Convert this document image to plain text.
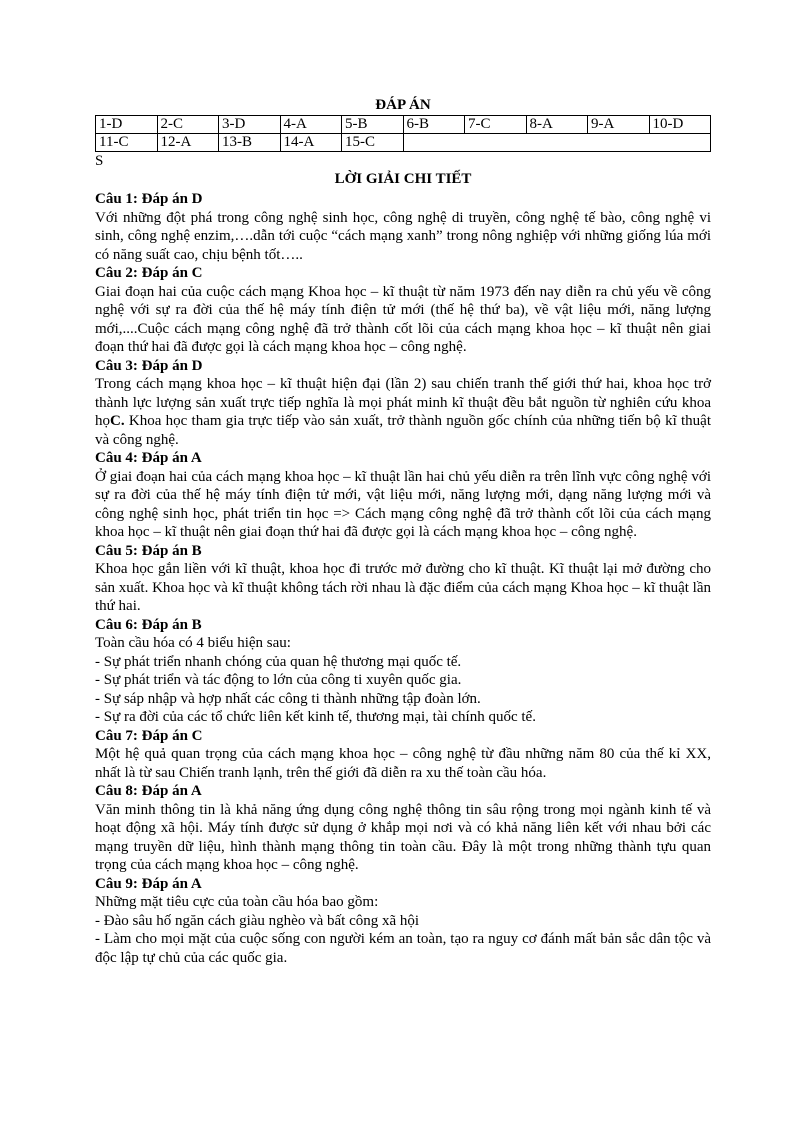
ĐÁP ÁN

1-D	2-C	3-D	4-A	5-B	6-B	7-C	8-A	9-A	10-D
11-C	12-A	13-B	14-A	15-C					

S

LỜI GIẢI CHI TIẾT

Câu 1: Đáp án D

Với những đột phá trong công nghệ sinh học, công nghệ di truyền, công nghệ tế bào, công nghệ vi sinh, công nghệ enzim,….dẫn tới cuộc “cách mạng xanh” trong nông nghiệp với những giống lúa mới có năng suất cao, chịu bệnh tốt…..

Câu 2: Đáp án C

Giai đoạn hai của cuộc cách mạng Khoa học – kĩ thuật từ năm 1973 đến nay diễn ra chủ yếu về công nghệ với sự ra đời của thế hệ máy tính điện tử mới (thế hệ thứ ba), về vật liệu mới, năng lượng mới,....Cuộc cách mạng công nghệ đã trở thành cốt lõi của cách mạng khoa học – kĩ thuật nên giai đoạn thứ hai đã được gọi là cách mạng khoa học – công nghệ.

Câu 3: Đáp án D

Trong cách mạng khoa học – kĩ thuật hiện đại (lần 2) sau chiến tranh thế giới thứ hai, khoa học trở thành lực lượng sản xuất trực tiếp nghĩa là mọi phát minh kĩ thuật đều bắt nguồn từ nghiên cứu khoa họC. Khoa học tham gia trực tiếp vào sản xuất, trở thành nguồn gốc chính của những tiến bộ kĩ thuật và công nghệ.

Câu 4: Đáp án A

Ở giai đoạn hai của cách mạng khoa học – kĩ thuật lần hai chủ yếu diễn ra trên lĩnh vực công nghệ với sự ra đời của thế hệ máy tính điện tử mới, vật liệu mới, năng lượng mới, dạng năng lượng mới và công nghệ sinh học, phát triển tin học => Cách mạng công nghệ đã trở thành cốt lõi của cách mạng khoa học – kĩ thuật nên giai đoạn thứ hai đã được gọi là cách mạng khoa học – công nghệ.

Câu 5: Đáp án B

Khoa học gắn liền với kĩ thuật, khoa học đi trước mở đường cho kĩ thuật. Kĩ thuật lại mở đường cho sản xuất. Khoa học và kĩ thuật không tách rời nhau là đặc điểm của cách mạng Khoa học – kĩ thuật lần thứ hai.

Câu 6: Đáp án B

Toàn cầu hóa có 4 biểu hiện sau:

- Sự phát triển nhanh chóng của quan hệ thương mại quốc tế.

- Sự phát triển và tác động to lớn của công ti xuyên quốc gia.

- Sự sáp nhập và hợp nhất các công ti thành những tập đoàn lớn.

- Sự ra đời của các tổ chức liên kết kinh tế, thương mại, tài chính quốc tế.

Câu 7: Đáp án C

Một hệ quả quan trọng của cách mạng khoa học – công nghệ từ đầu những năm 80 của thế kỉ XX, nhất là từ sau Chiến tranh lạnh, trên thế giới đã diễn ra xu thế toàn cầu hóa.

Câu 8: Đáp án A

Văn minh thông tin là khả năng ứng dụng công nghệ thông tin sâu rộng trong mọi ngành kinh tế và hoạt động xã hội. Máy tính được sử dụng ở khắp mọi nơi và có khả năng liên kết với nhau bởi các mạng truyền dữ liệu, hình thành mạng thông tin toàn cầu. Đây là một trong những thành tựu quan trọng của cách mạng khoa học – công nghệ.

Câu 9: Đáp án A

Những mặt tiêu cực của toàn cầu hóa bao gồm:

- Đào sâu hố ngăn cách giàu nghèo và bất công xã hội

- Làm cho mọi mặt của cuộc sống con người kém an toàn, tạo ra nguy cơ đánh mất bản sắc dân tộc và độc lập tự chủ của các quốc gia.
